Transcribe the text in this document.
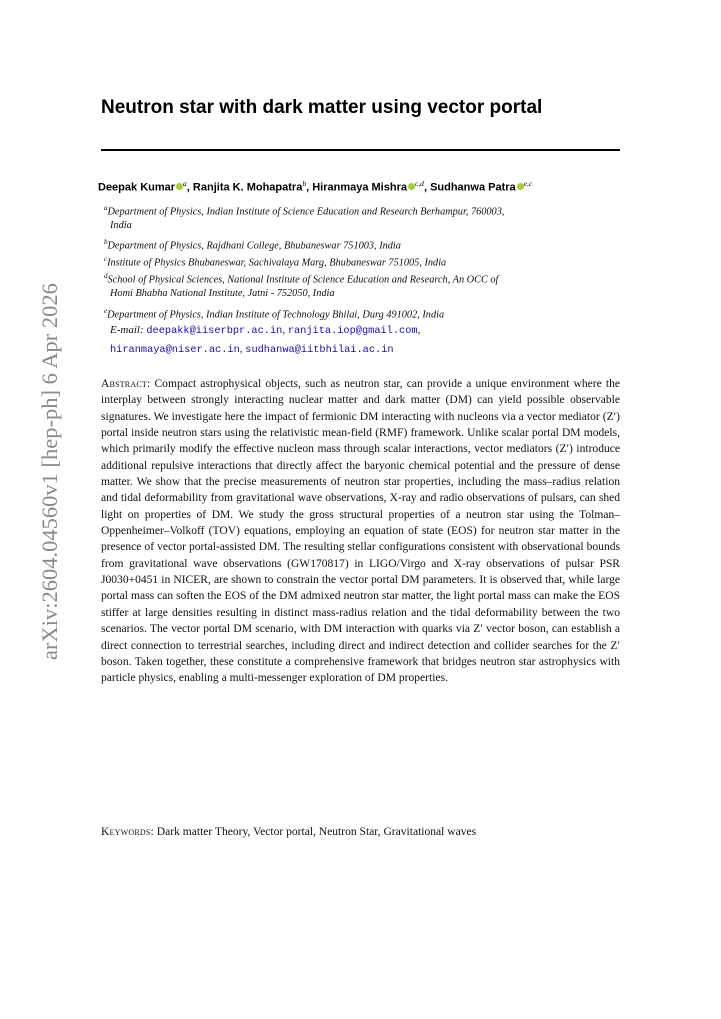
arXiv:2604.04560v1 [hep-ph] 6 Apr 2026
Neutron star with dark matter using vector portal
Deepak Kumar $^a$, Ranjita K. Mohapatra$^b$, Hiranmaya Mishra $^{c,d}$, Sudhanwa Patra $^{e,c}$
$^a$Department of Physics, Indian Institute of Science Education and Research Berhampur, 760003,
India
$^b$Department of Physics, Rajdhani College, Bhubaneswar 751003, India
$^c$Institute of Physics Bhubaneswar, Sachivalaya Marg, Bhubaneswar 751005, India
$^d$School of Physical Sciences, National Institute of Science Education and Research, An OCC of
Homi Bhabha National Institute, Jatni - 752050, India
$^e$Department of Physics, Indian Institute of Technology Bhilai, Durg 491002, India
E-mail: deepakk@iiserbpr.ac.in, ranjita.iop@gmail.com,
hiranmaya@niser.ac.in, sudhanwa@iitbhilai.ac.in
Abstract: Compact astrophysical objects, such as neutron star, can provide a unique environment where the interplay between strongly interacting nuclear matter and dark matter (DM) can yield possible observable signatures. We investigate here the impact of fermionic DM interacting with nucleons via a vector mediator (Z′) portal inside neutron stars using the relativistic mean-field (RMF) framework. Unlike scalar portal DM models, which primarily modify the effective nucleon mass through scalar interactions, vector mediators (Z′) introduce additional repulsive interactions that directly affect the baryonic chemical potential and the pressure of dense matter. We show that the precise measurements of neutron star properties, including the mass–radius relation and tidal deformability from gravitational wave observations, X-ray and radio observations of pulsars, can shed light on properties of DM. We study the gross structural properties of a neutron star using the Tolman–Oppenheimer–Volkoff (TOV) equations, employing an equation of state (EOS) for neutron star matter in the presence of vector portal-assisted DM. The resulting stellar configurations consistent with observational bounds from gravitational wave observations (GW170817) in LIGO/Virgo and X-ray observations of pulsar PSR J0030+0451 in NICER, are shown to constrain the vector portal DM parameters. It is observed that, while large portal mass can soften the EOS of the DM admixed neutron star matter, the light portal mass can make the EOS stiffer at large densities resulting in distinct mass-radius relation and the tidal deformability between the two scenarios. The vector portal DM scenario, with DM interaction with quarks via Z′ vector boson, can establish a direct connection to terrestrial searches, including direct and indirect detection and collider searches for the Z′ boson. Taken together, these constitute a comprehensive framework that bridges neutron star astrophysics with particle physics, enabling a multi-messenger exploration of DM properties.
Keywords: Dark matter Theory, Vector portal, Neutron Star, Gravitational waves
